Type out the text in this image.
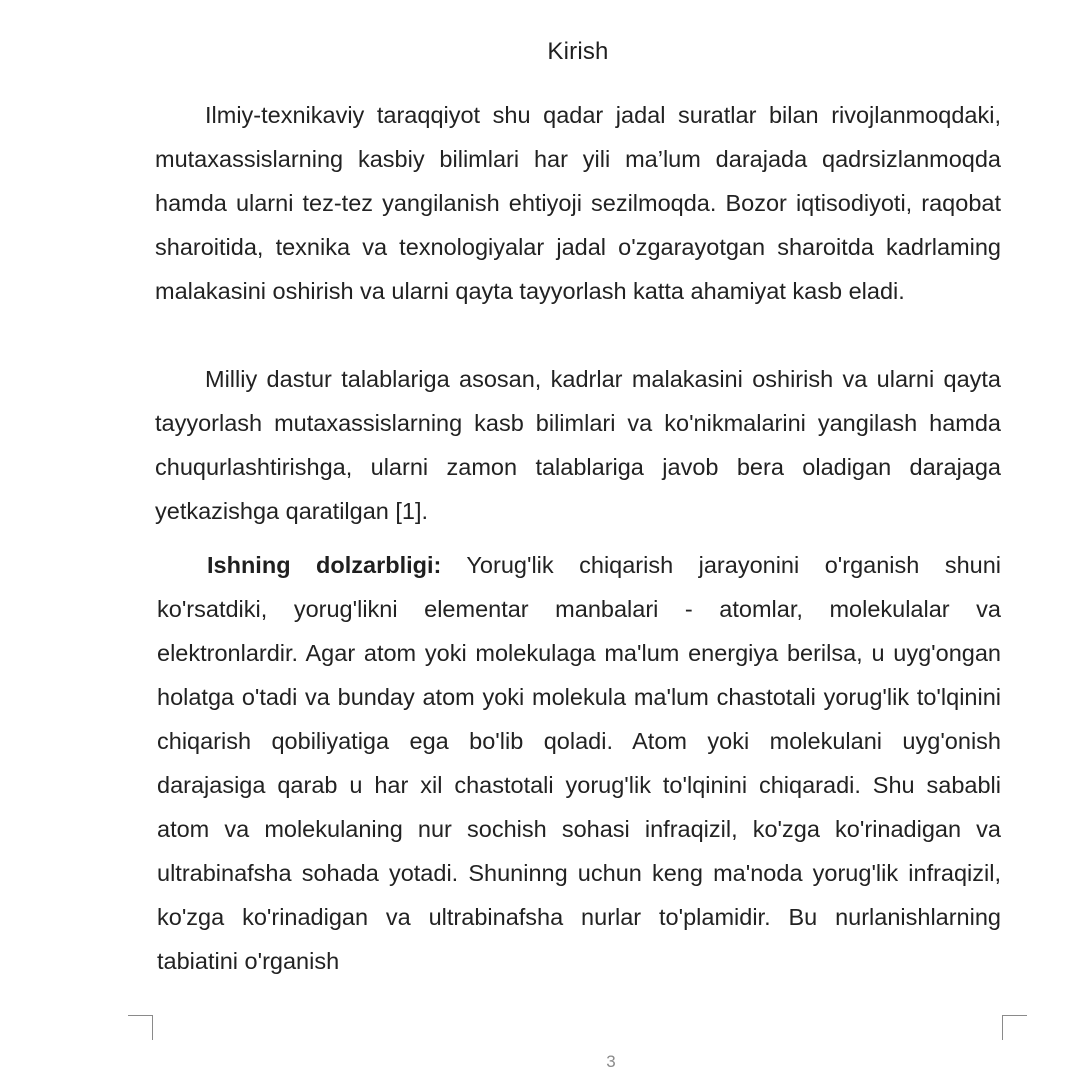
Kirish

Ilmiy-texnikaviy taraqqiyot shu qadar jadal suratlar bilan rivojlanmoqdaki, mutaxassislarning kasbiy bilimlari har yili ma’lum darajada qadrsizlanmoqda hamda ularni tez-tez yangilanish ehtiyoji sezilmoqda. Bozor iqtisodiyoti, raqobat sharoitida, texnika va texnologiyalar jadal o'zgarayotgan sharoitda kadrlaming malakasini oshirish va ularni qayta tayyorlash katta ahamiyat kasb eladi.

Milliy dastur talablariga asosan, kadrlar malakasini oshirish va ularni qayta tayyorlash mutaxassislarning kasb bilimlari va ko'nikmalarini yangilash hamda chuqurlashtirishga, ularni zamon talablariga javob bera oladigan darajaga yetkazishga qaratilgan [1].

Ishning dolzarbligi: Yorug'lik chiqarish jarayonini o'rganish shuni ko'rsatdiki, yorug'likni elementar manbalari - atomlar, molekulalar va elektronlardir. Agar atom yoki molekulaga ma'lum energiya berilsa, u uyg'ongan holatga o'tadi va bunday atom yoki molekula ma'lum chastotali yorug'lik to'lqinini chiqarish qobiliyatiga ega bo'lib qoladi. Atom yoki molekulani uyg'onish darajasiga qarab u har xil chastotali yorug'lik to'lqinini chiqaradi. Shu sababli atom va molekulaning nur sochish sohasi infraqizil, ko'zga ko'rinadigan va ultrabinafsha sohada yotadi. Shuninng uchun keng ma'noda yorug'lik infraqizil, ko'zga ko'rinadigan va ultrabinafsha nurlar to'plamidir. Bu nurlanishlarning tabiatini o'rganish

3
